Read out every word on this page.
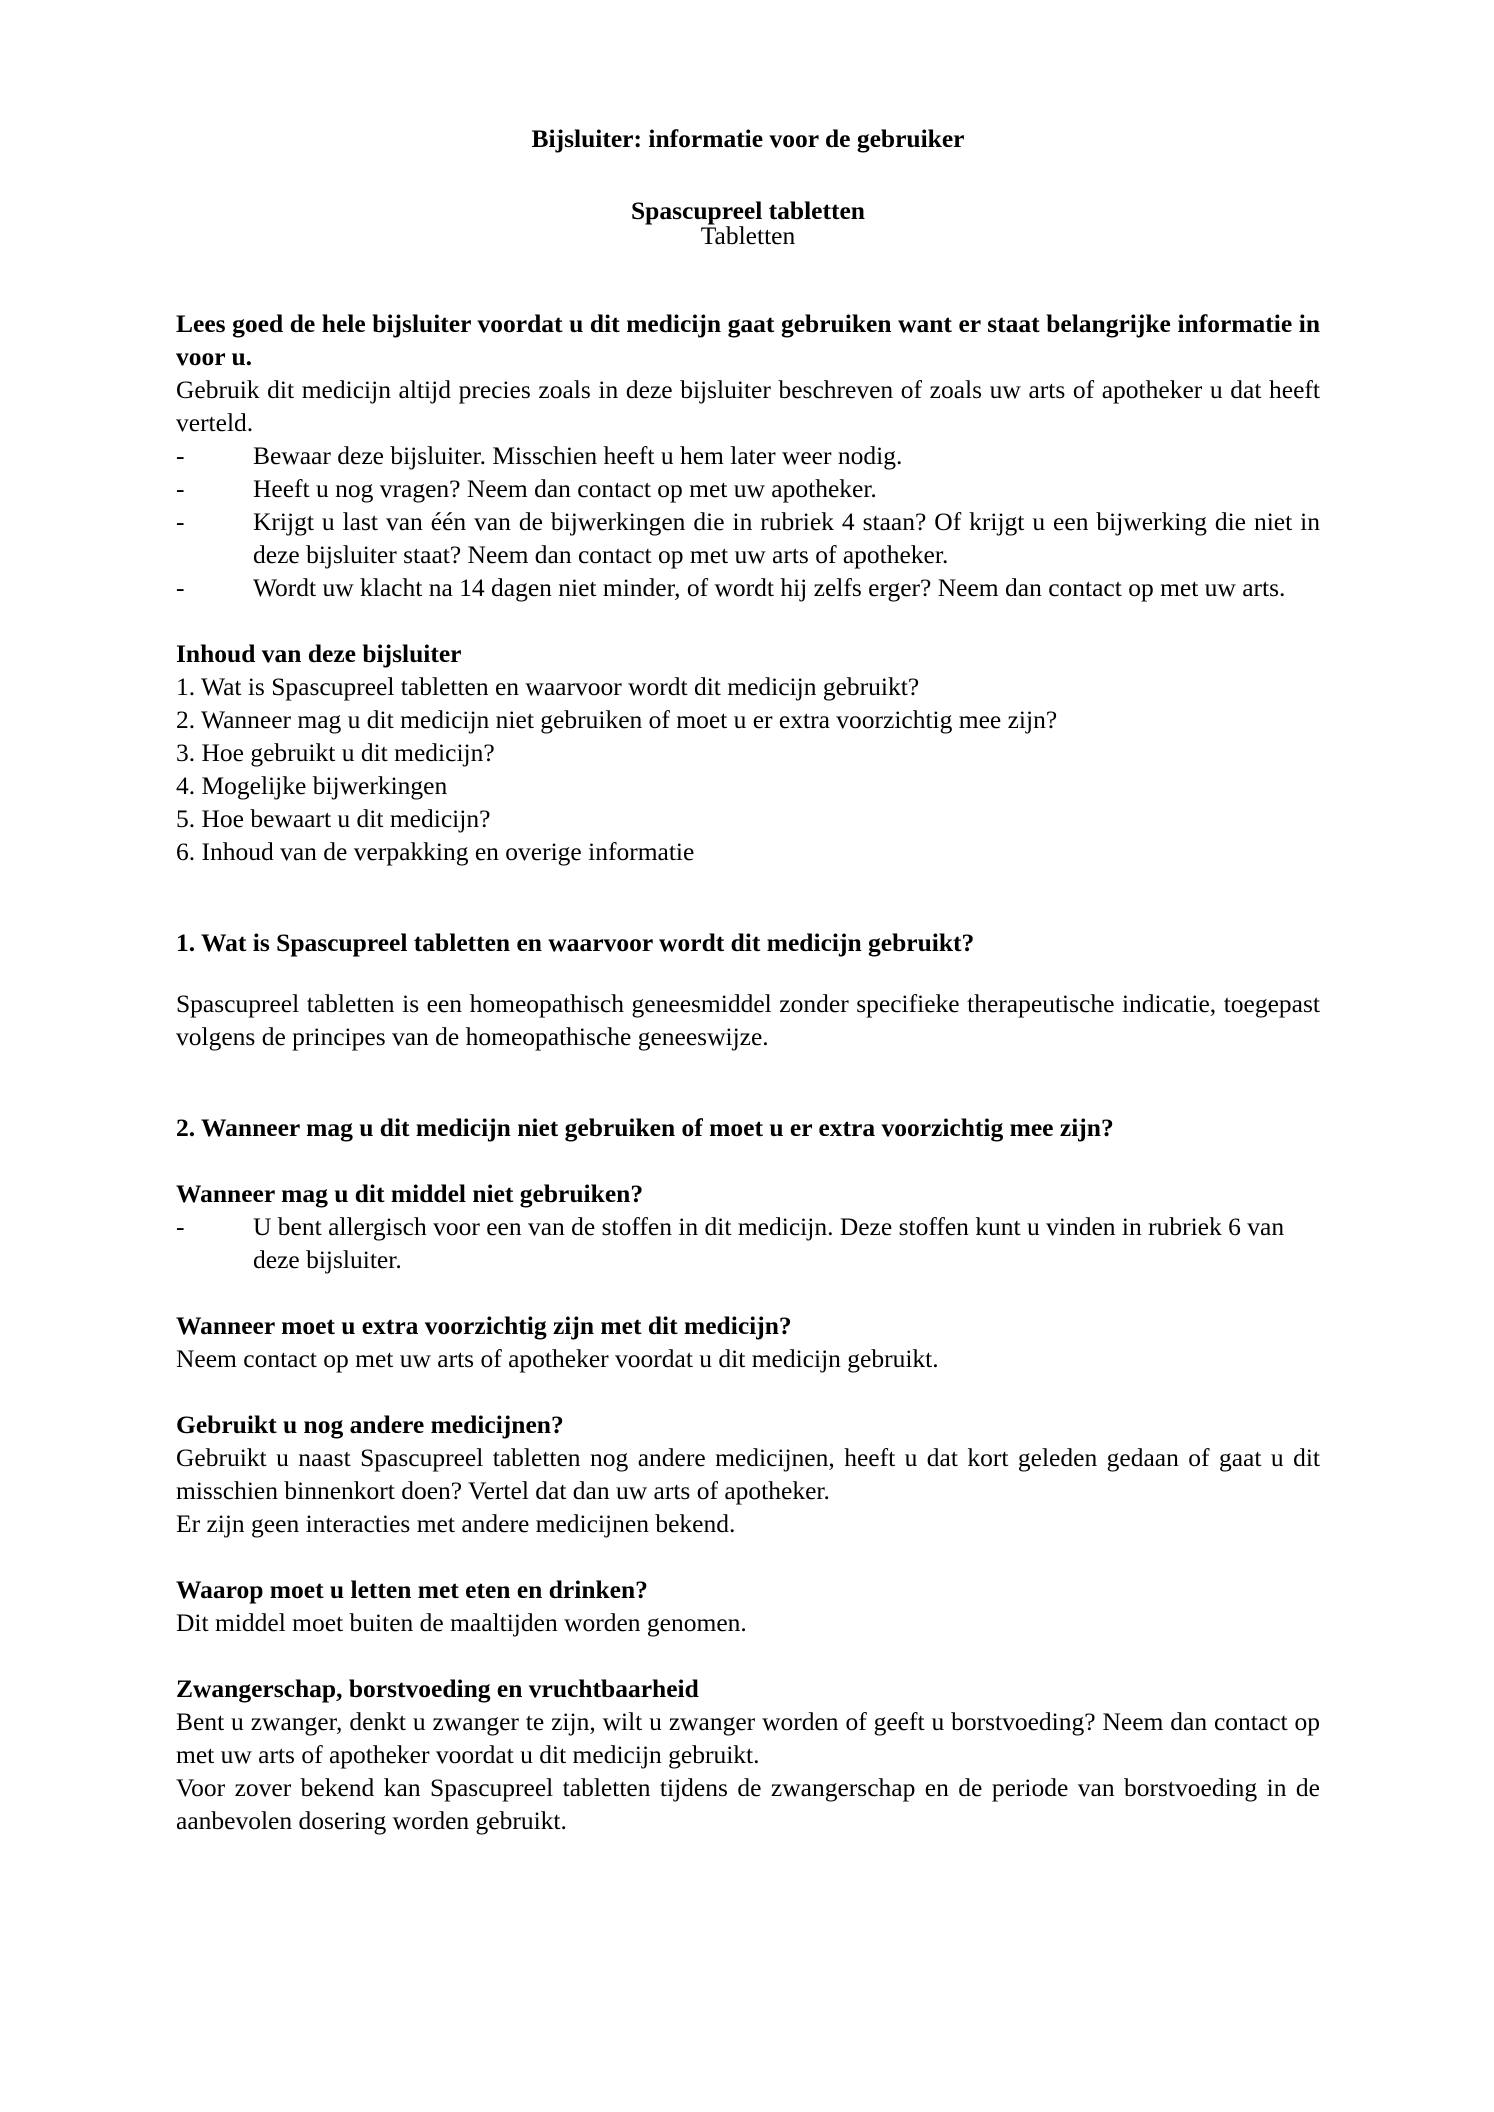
Bijsluiter: informatie voor de gebruiker
Spascupreel tabletten
Tabletten

Lees goed de hele bijsluiter voordat u dit medicijn gaat gebruiken want er staat belangrijke informatie in voor u.

Gebruik dit medicijn altijd precies zoals in deze bijsluiter beschreven of zoals uw arts of apotheker u dat heeft verteld.

-	Bewaar deze bijsluiter. Misschien heeft u hem later weer nodig.
-	Heeft u nog vragen? Neem dan contact op met uw apotheker.
-	Krijgt u last van één van de bijwerkingen die in rubriek 4 staan? Of krijgt u een bijwerking die niet in deze bijsluiter staat? Neem dan contact op met uw arts of apotheker.
-	Wordt uw klacht na 14 dagen niet minder, of wordt hij zelfs erger? Neem dan contact op met uw arts.
Inhoud van deze bijsluiter
1. Wat is Spascupreel tabletten en waarvoor wordt dit medicijn gebruikt?
2. Wanneer mag u dit medicijn niet gebruiken of moet u er extra voorzichtig mee zijn?
3. Hoe gebruikt u dit medicijn?
4. Mogelijke bijwerkingen
5. Hoe bewaart u dit medicijn?
6. Inhoud van de verpakking en overige informatie
1. Wat is Spascupreel tabletten en waarvoor wordt dit medicijn gebruikt?

Spascupreel tabletten is een homeopathisch geneesmiddel zonder specifieke therapeutische indicatie, toegepast volgens de principes van de homeopathische geneeswijze.

2. Wanneer mag u dit medicijn niet gebruiken of moet u er extra voorzichtig mee zijn?
Wanneer mag u dit middel niet gebruiken?
-	U bent allergisch voor een van de stoffen in dit medicijn. Deze stoffen kunt u vinden in rubriek 6 van deze bijsluiter.
Wanneer moet u extra voorzichtig zijn met dit medicijn?

Neem contact op met uw arts of apotheker voordat u dit medicijn gebruikt.

Gebruikt u nog andere medicijnen?

Gebruikt u naast Spascupreel tabletten nog andere medicijnen, heeft u dat kort geleden gedaan of gaat u dit misschien binnenkort doen? Vertel dat dan uw arts of apotheker.

Er zijn geen interacties met andere medicijnen bekend.

Waarop moet u letten met eten en drinken?

Dit middel moet buiten de maaltijden worden genomen.

Zwangerschap, borstvoeding en vruchtbaarheid

Bent u zwanger, denkt u zwanger te zijn, wilt u zwanger worden of geeft u borstvoeding? Neem dan contact op met uw arts of apotheker voordat u dit medicijn gebruikt.

Voor zover bekend kan Spascupreel tabletten tijdens de zwangerschap en de periode van borstvoeding in de aanbevolen dosering worden gebruikt.
